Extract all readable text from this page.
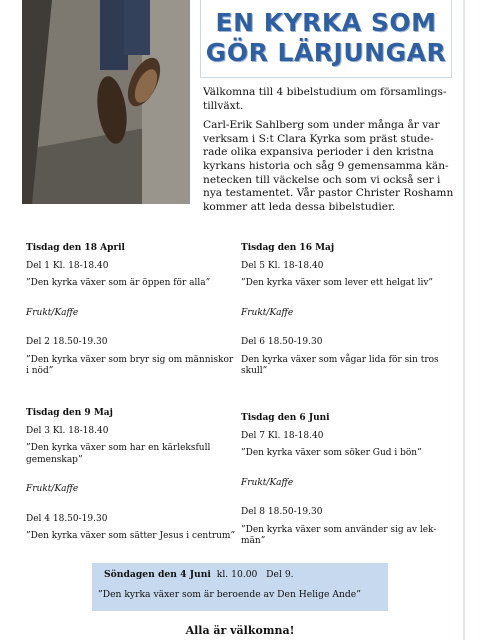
EN KYRKA SOM
GÖR LÄRJUNGAR

Välkomna till 4 bibelstudium om församlings-tillväxt.

Carl-Erik Sahlberg som under många år var verksam i S:t Clara Kyrka som präst stude-rade olika expansiva perioder i den kristna kyrkans historia och såg 9 gemensamma kän-netecken till väckelse och som vi också ser i nya testamentet. Vår pastor Christer Roshamn kommer att leda dessa bibelstudier.

Tisdag den 18 April
Del 1 Kl. 18-18.40
”Den kyrka växer som är öppen för alla”
Frukt/Kaffe
Del 2 18.50-19.30
”Den kyrka växer som bryr sig om människor i nöd”
Tisdag den 16 Maj
Del 5 Kl. 18-18.40
”Den kyrka växer som lever ett helgat liv”
Frukt/Kaffe
Del 6 18.50-19.30
Den kyrka växer som vågar lida för sin tros skull”
Tisdag den 9 Maj
Del 3 Kl. 18-18.40
”Den kyrka växer som har en kärleksfull gemenskap”
Frukt/Kaffe
Del 4 18.50-19.30
”Den kyrka växer som sätter Jesus i centrum”
Tisdag den 6 Juni
Del 7 Kl. 18-18.40
”Den kyrka växer som söker Gud i bön”
Frukt/Kaffe
Del 8 18.50-19.30
”Den kyrka växer som använder sig av lek-män”
Söndagen den 4 Juni kl. 10.00 Del 9.
”Den kyrka växer som är beroende av Den Helige Ande”
Alla är välkomna!
